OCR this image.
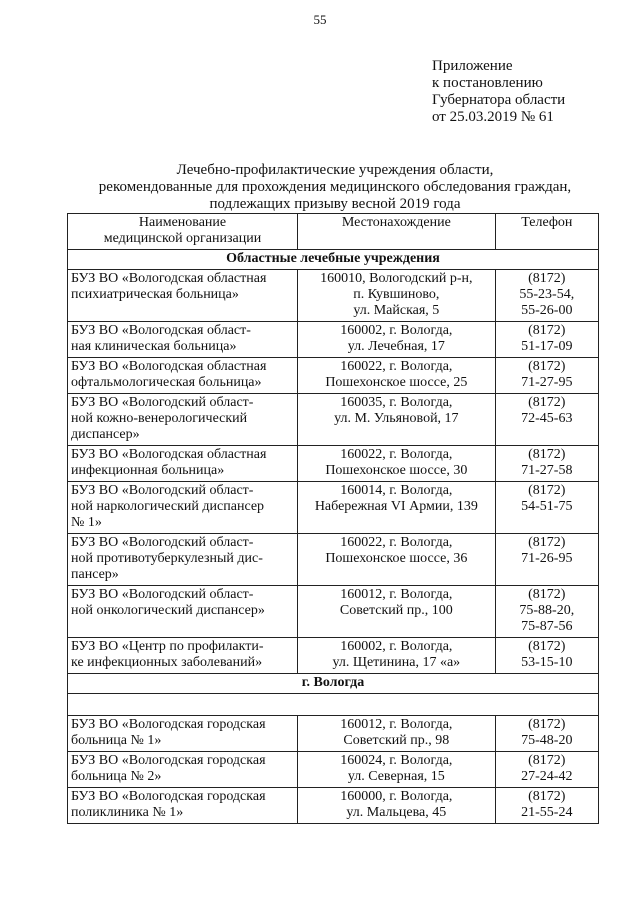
55
Приложение
к постановлению
Губернатора области
от 25.03.2019 № 61
Лечебно-профилактические учреждения области,
рекомендованные для прохождения медицинского обследования граждан,
подлежащих призыву весной 2019 года
Наименование
медицинской организации	Местонахождение	Телефон

Областные лечебные учреждения		

БУЗ ВО «Вологодская областная
психиатрическая больница»	160010, Вологодский р-н,
п. Кувшиново,
ул. Майская, 5	(8172)
55-23-54,
55-26-00

БУЗ ВО «Вологодская област-
ная клиническая больница»	160002, г. Вологда,
ул. Лечебная, 17	(8172)
51-17-09

БУЗ ВО «Вологодская областная
офтальмологическая больница»	160022, г. Вологда,
Пошехонское шоссе, 25	(8172)
71-27-95

БУЗ ВО «Вологодский област-
ной кожно-венерологический
диспансер»	160035, г. Вологда,
ул. М. Ульяновой, 17	(8172)
72-45-63

БУЗ ВО «Вологодская областная
инфекционная больница»	160022, г. Вологда,
Пошехонское шоссе, 30	(8172)
71-27-58

БУЗ ВО «Вологодский област-
ной наркологический диспансер
№ 1»	160014, г. Вологда,
Набережная VI Армии, 139	(8172)
54-51-75

БУЗ ВО «Вологодский област-
ной противотуберкулезный дис-
пансер»	160022, г. Вологда,
Пошехонское шоссе, 36	(8172)
71-26-95

БУЗ ВО «Вологодский област-
ной онкологический диспансер»	160012, г. Вологда,
Советский пр., 100	(8172)
75-88-20,
75-87-56

БУЗ ВО «Центр по профилакти-
ке инфекционных заболеваний»	160002, г. Вологда,
ул. Щетинина, 17 «а»	(8172)
53-15-10

г. Вологда		

БУЗ ВО «Вологодская городская
больница № 1»	160012, г. Вологда,
Советский пр., 98	(8172)
75-48-20

БУЗ ВО «Вологодская городская
больница № 2»	160024, г. Вологда,
ул. Северная, 15	(8172)
27-24-42

БУЗ ВО «Вологодская городская
поликлиника № 1»	160000, г. Вологда,
ул. Мальцева, 45	(8172)
21-55-24
